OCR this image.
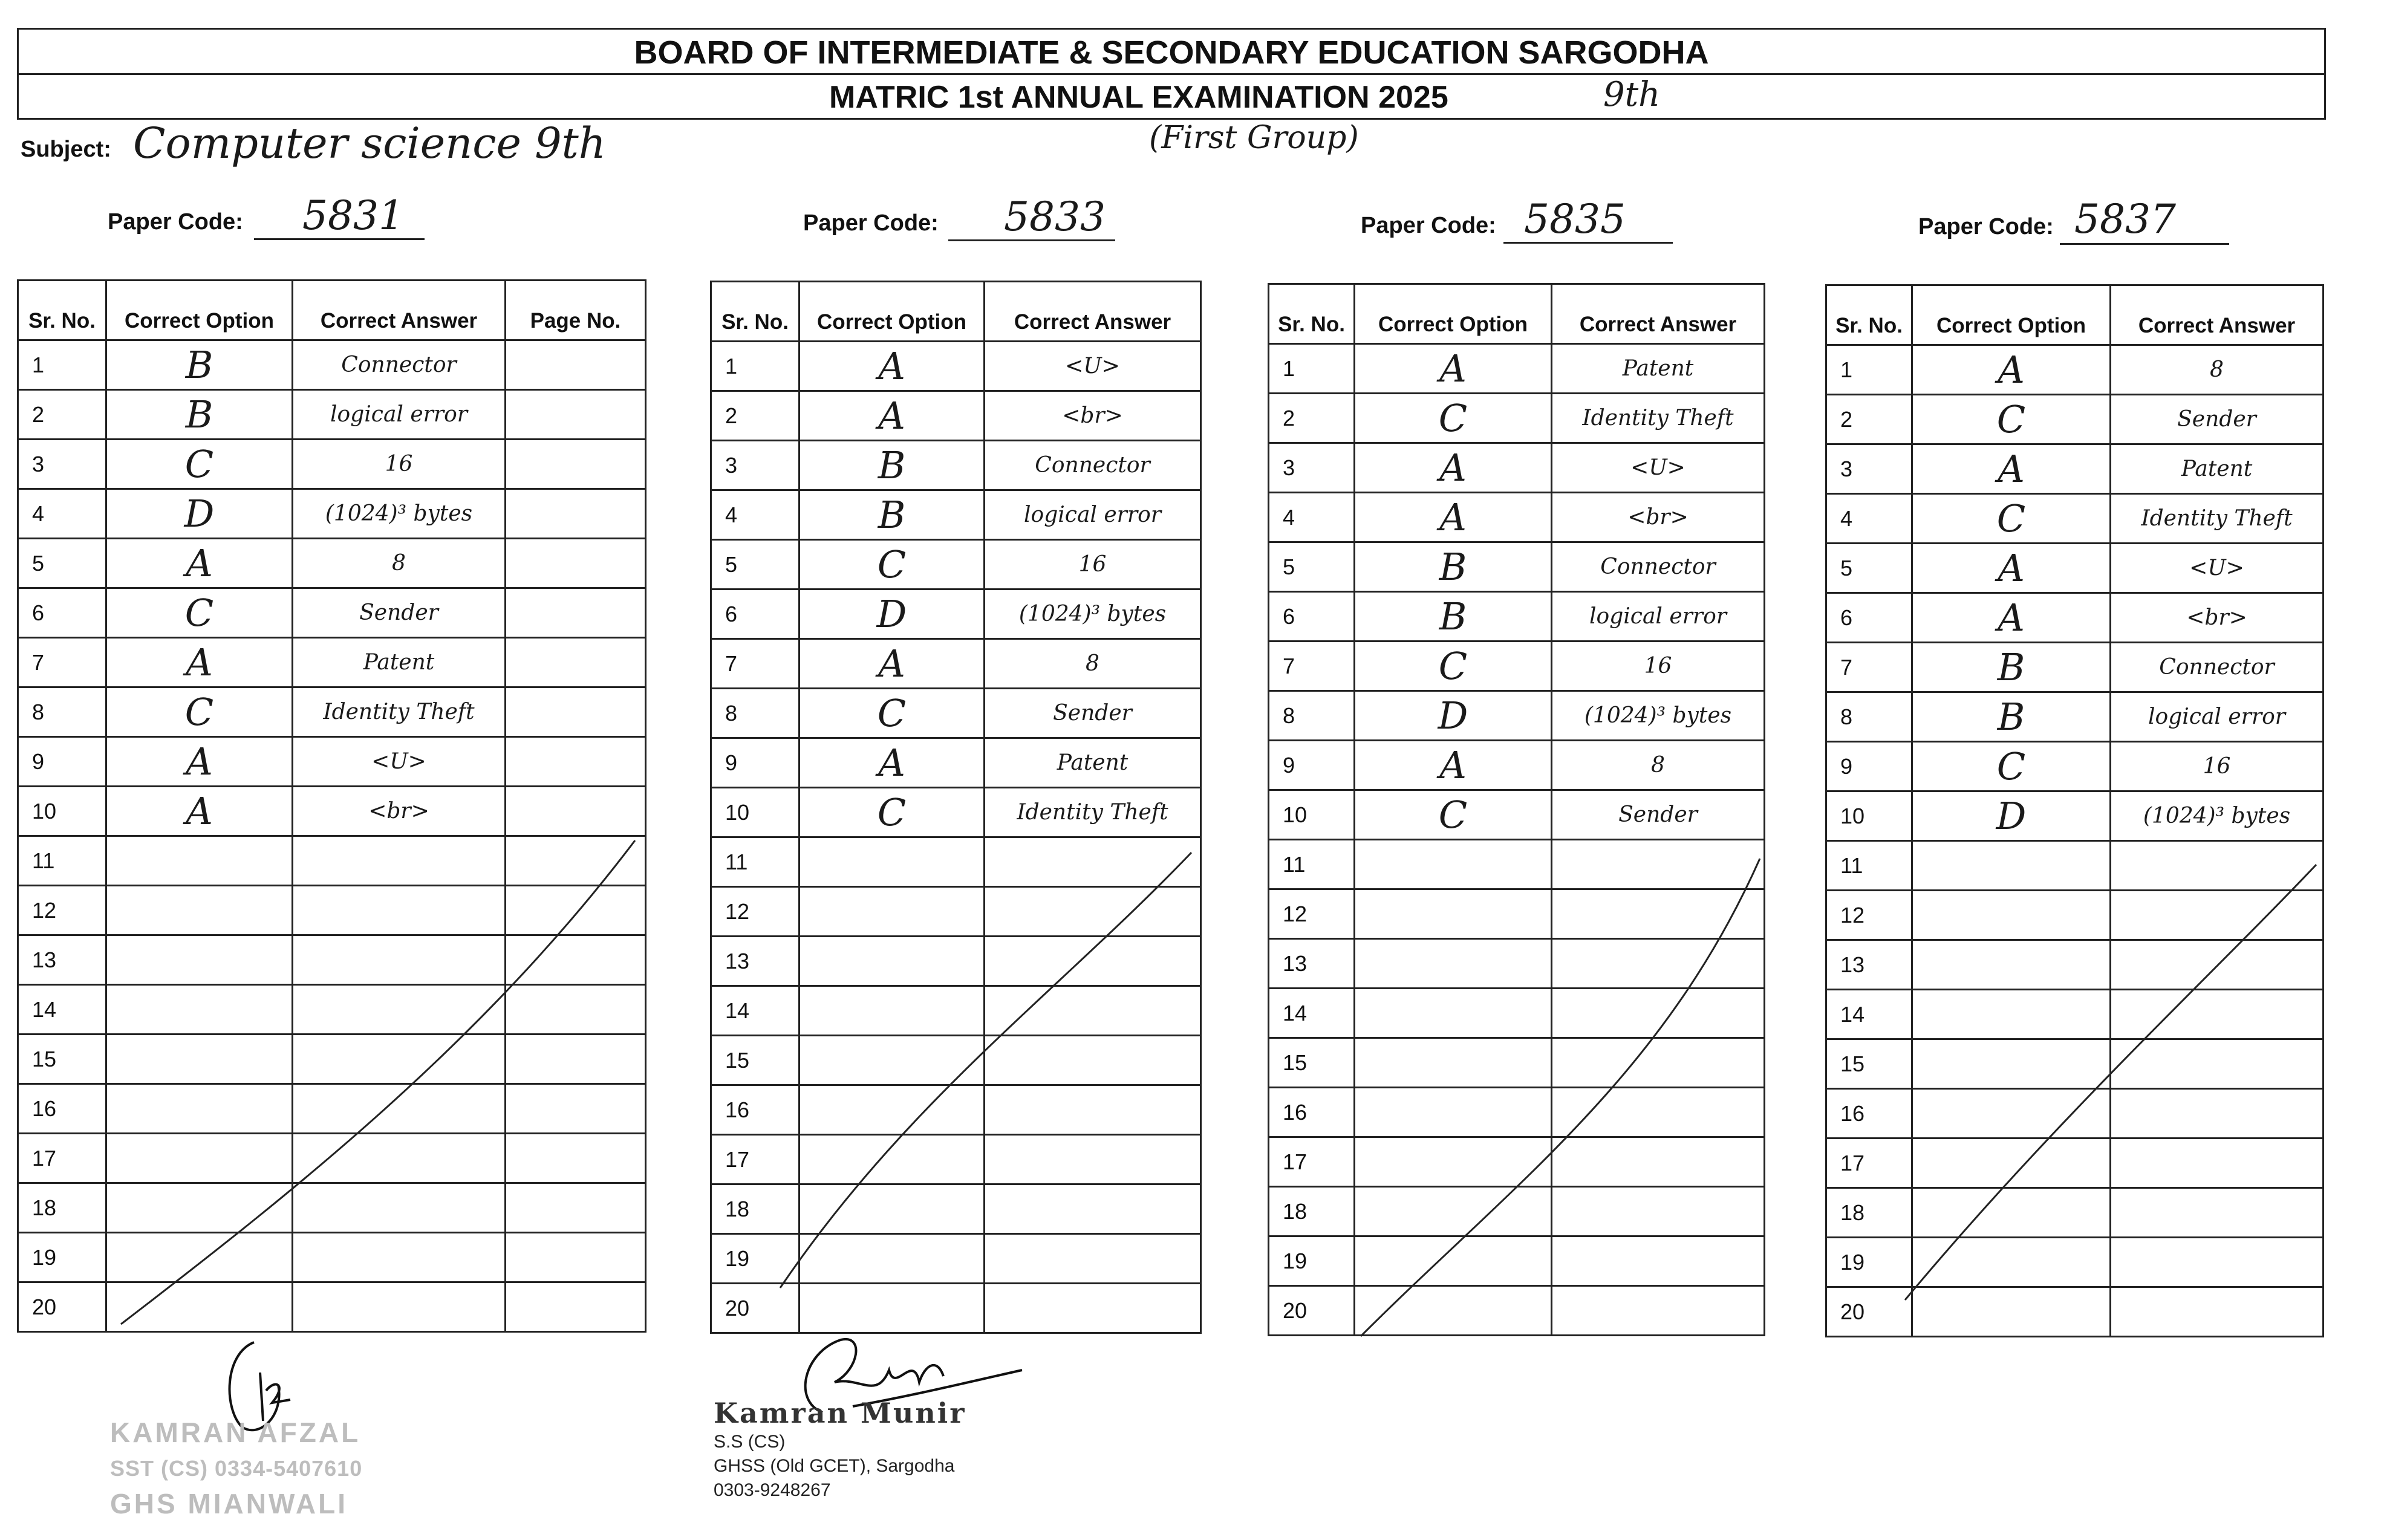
BOARD OF INTERMEDIATE & SECONDARY EDUCATION SARGODHA
MATRIC 1st ANNUAL EXAMINATION 2025	9th
Subject: Computer science 9th	(First Group)
Paper Code: 5831	Paper Code: 5833	Paper Code: 5835	Paper Code: 5837
Sr. No.	Correct Option	Correct Answer	Page No.
1	B	Connector	
2	B	logical error	
3	C	16	
4	D	(1024)³ bytes	
5	A	8	
6	C	Sender	
7	A	Patent	
8	C	Identity Theft	
9	A	<U>	
10	A	<br>	
11			
12			
13			
14			
15			
16			
17			
18			
19			
20			
Sr. No.	Correct Option	Correct Answer
1	A	<U>
2	A	<br>
3	B	Connector
4	B	logical error
5	C	16
6	D	(1024)³ bytes
7	A	8
8	C	Sender
9	A	Patent
10	C	Identity Theft
11		
12		
13		
14		
15		
16		
17		
18		
19		
20		
Sr. No.	Correct Option	Correct Answer
1	A	Patent
2	C	Identity Theft
3	A	<U>
4	A	<br>
5	B	Connector
6	B	logical error
7	C	16
8	D	(1024)³ bytes
9	A	8
10	C	Sender
11		
12		
13		
14		
15		
16		
17		
18		
19		
20		
Sr. No.	Correct Option	Correct Answer
1	A	8
2	C	Sender
3	A	Patent
4	C	Identity Theft
5	A	<U>
6	A	<br>
7	B	Connector
8	B	logical error
9	C	16
10	D	(1024)³ bytes
11		
12		
13		
14		
15		
16		
17		
18		
19		
20		
KAMRAN AFZAL
SST (CS) 0334-5407610
GHS MIANWALI
Kamran Munir
S.S (CS)
GHSS (Old GCET), Sargodha
0303-9248267
